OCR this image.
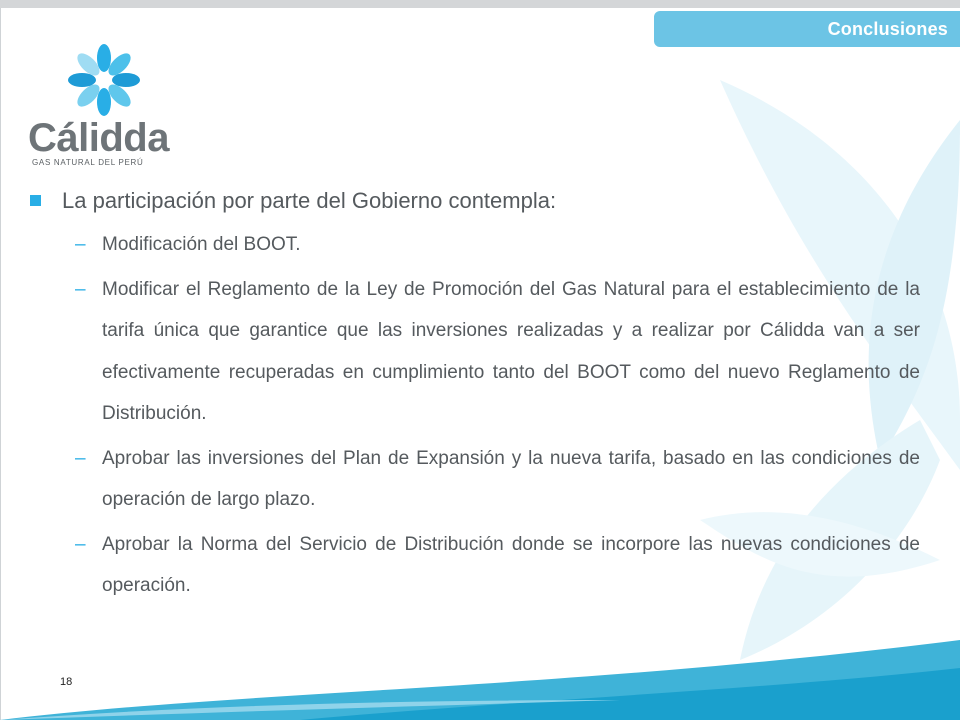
Conclusiones
Cálidda
GAS NATURAL DEL PERÚ
La participación por parte del Gobierno contempla:
– Modificación del BOOT.
– Modificar el Reglamento de la Ley de Promoción del Gas Natural para el establecimiento de la tarifa única que garantice que las inversiones realizadas y a realizar por Cálidda van a ser efectivamente recuperadas en cumplimiento tanto del BOOT como del nuevo Reglamento de Distribución.
– Aprobar las inversiones del Plan de Expansión y la nueva tarifa, basado en las condiciones de operación de largo plazo.
– Aprobar la Norma del Servicio de Distribución donde se incorpore las nuevas condiciones de operación.
18
